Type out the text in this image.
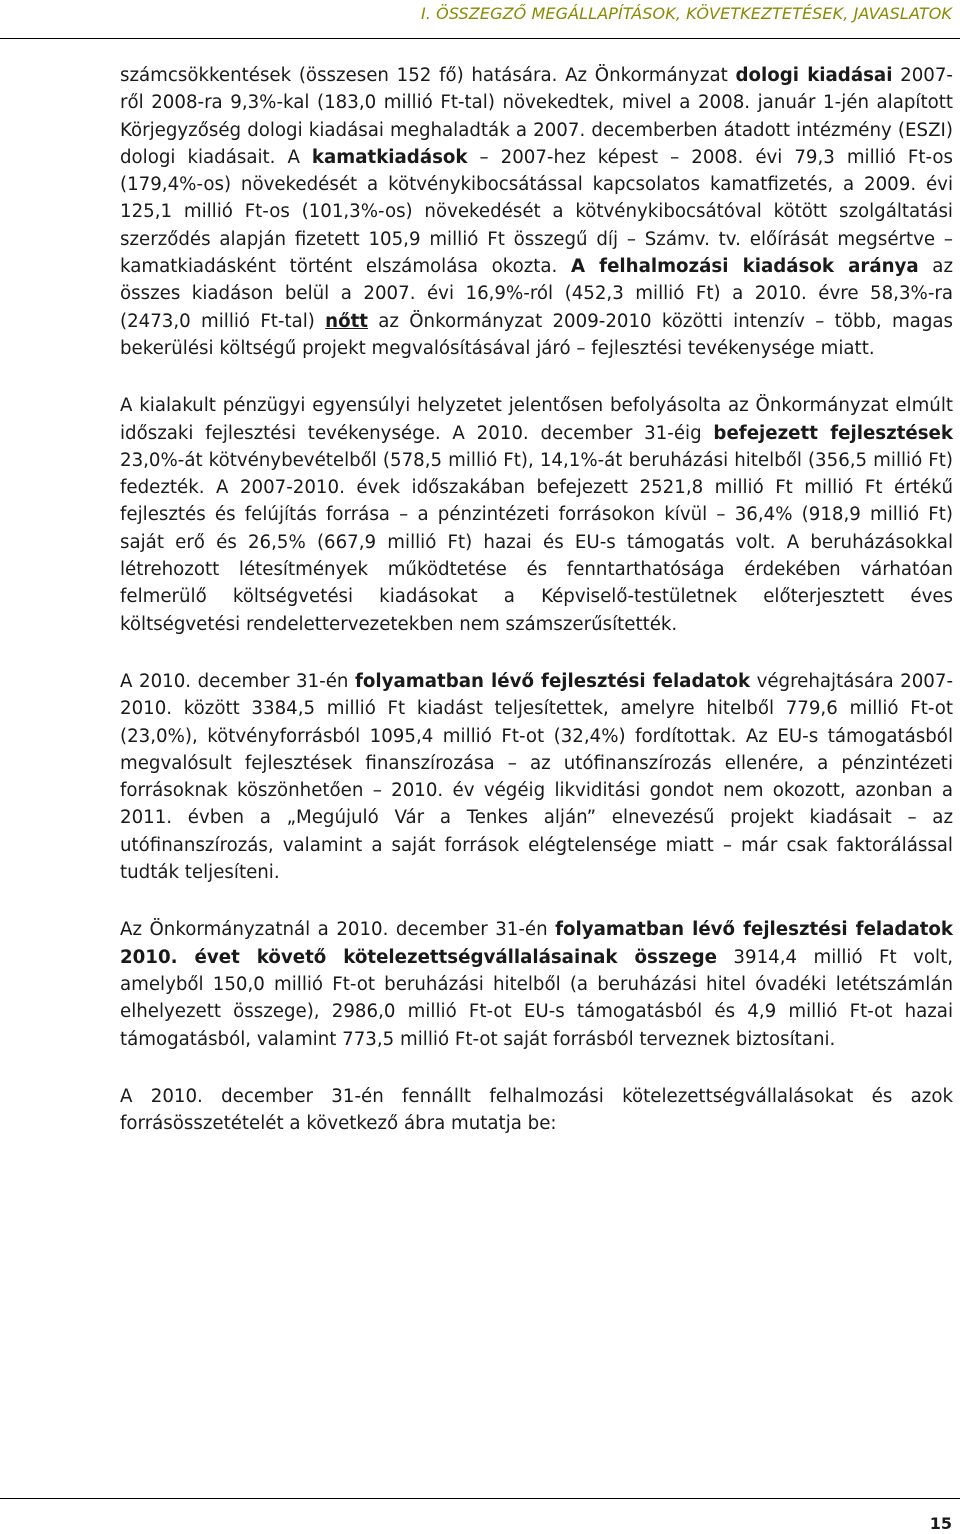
I. ÖSSZEGZŐ MEGÁLLAPÍTÁSOK, KÖVETKEZTETÉSEK, JAVASLATOK

számcsökkentések (összesen 152 fő) hatására. Az Önkormányzat dologi kiadásai 2007-ről 2008-ra 9,3%-kal (183,0 millió Ft-tal) növekedtek, mivel a 2008. január 1-jén alapított Körjegyzőség dologi kiadásai meghaladták a 2007. decemberben átadott intézmény (ESZI) dologi kiadásait. A kamatkiadások – 2007-hez képest – 2008. évi 79,3 millió Ft-os (179,4%-os) növekedését a kötvénykibocsátással kapcsolatos kamatfizetés, a 2009. évi 125,1 millió Ft-os (101,3%-os) növekedését a kötvénykibocsátóval kötött szolgáltatási szerződés alapján fizetett 105,9 millió Ft összegű díj – Számv. tv. előírását megsértve – kamatkiadásként történt elszámolása okozta. A felhalmozási kiadások aránya az összes kiadáson belül a 2007. évi 16,9%-ról (452,3 millió Ft) a 2010. évre 58,3%-ra (2473,0 millió Ft-tal) nőtt az Önkormányzat 2009-2010 közötti intenzív – több, magas bekerülési költségű projekt megvalósításával járó – fejlesztési tevékenysége miatt.

A kialakult pénzügyi egyensúlyi helyzetet jelentősen befolyásolta az Önkormányzat elmúlt időszaki fejlesztési tevékenysége. A 2010. december 31-éig befejezett fejlesztések 23,0%-át kötvénybevételből (578,5 millió Ft), 14,1%-át beruházási hitelből (356,5 millió Ft) fedezték. A 2007-2010. évek időszakában befejezett 2521,8 millió Ft millió Ft értékű fejlesztés és felújítás forrása – a pénzintézeti forrásokon kívül – 36,4% (918,9 millió Ft) saját erő és 26,5% (667,9 millió Ft) hazai és EU-s támogatás volt. A beruházásokkal létrehozott létesítmények működtetése és fenntarthatósága érdekében várhatóan felmerülő költségvetési kiadásokat a Képviselő-testületnek előterjesztett éves költségvetési rendelettervezetekben nem számszerűsítették.

A 2010. december 31-én folyamatban lévő fejlesztési feladatok végrehajtására 2007-2010. között 3384,5 millió Ft kiadást teljesítettek, amelyre hitelből 779,6 millió Ft-ot (23,0%), kötvényforrásból 1095,4 millió Ft-ot (32,4%) fordítottak. Az EU-s támogatásból megvalósult fejlesztések finanszírozása – az utófinanszírozás ellenére, a pénzintézeti forrásoknak köszönhetően – 2010. év végéig likviditási gondot nem okozott, azonban a 2011. évben a „Megújuló Vár a Tenkes alján” elnevezésű projekt kiadásait – az utófinanszírozás, valamint a saját források elégtelensége miatt – már csak faktorálással tudták teljesíteni.

Az Önkormányzatnál a 2010. december 31-én folyamatban lévő fejlesztési feladatok 2010. évet követő kötelezettségvállalásainak összege 3914,4 millió Ft volt, amelyből 150,0 millió Ft-ot beruházási hitelből (a beruházási hitel óvadéki letétszámlán elhelyezett összege), 2986,0 millió Ft-ot EU-s támogatásból és 4,9 millió Ft-ot hazai támogatásból, valamint 773,5 millió Ft-ot saját forrásból terveznek biztosítani.

A 2010. december 31-én fennállt felhalmozási kötelezettségvállalásokat és azok forrásösszetételét a következő ábra mutatja be:

15
